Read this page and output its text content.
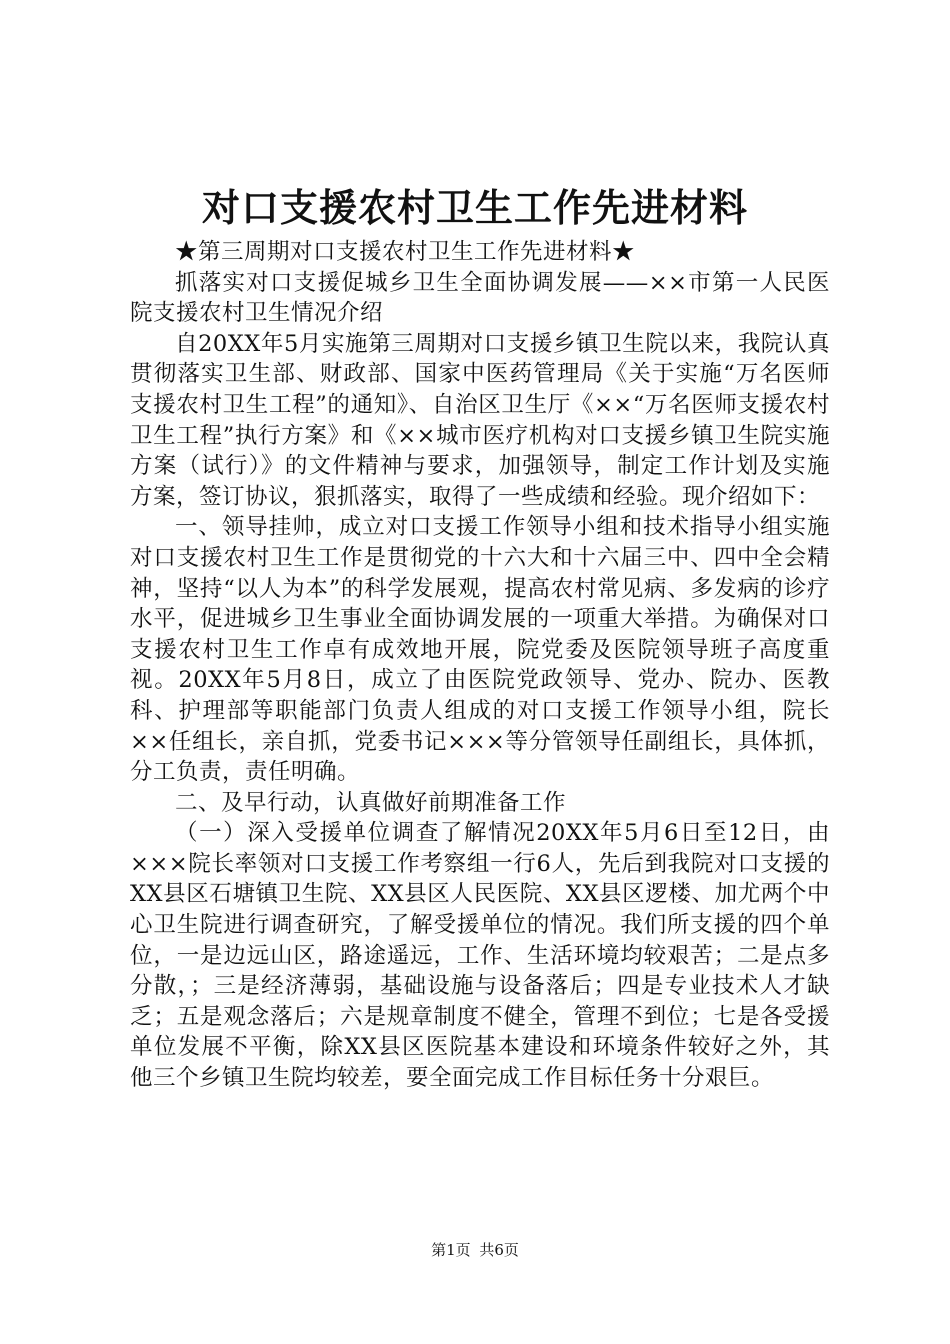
对口支援农村卫生工作先进材料

★第三周期对口支援农村卫生工作先进材料★

抓落实对口支援促城乡卫生全面协调发展——××市第一人民医院支援农村卫生情况介绍

自20XX年5月实施第三周期对口支援乡镇卫生院以来，我院认真贯彻落实卫生部、财政部、国家中医药管理局《关于实施“万名医师支援农村卫生工程”的通知》、自治区卫生厅《××“万名医师支援农村卫生工程”执行方案》和《××城市医疗机构对口支援乡镇卫生院实施方案（试行）》的文件精神与要求，加强领导，制定工作计划及实施方案，签订协议，狠抓落实，取得了一些成绩和经验。现介绍如下：

一、领导挂帅，成立对口支援工作领导小组和技术指导小组实施对口支援农村卫生工作是贯彻党的十六大和十六届三中、四中全会精神，坚持“以人为本”的科学发展观，提高农村常见病、多发病的诊疗水平，促进城乡卫生事业全面协调发展的一项重大举措。为确保对口支援农村卫生工作卓有成效地开展，院党委及医院领导班子高度重视。20XX年5月8日，成立了由医院党政领导、党办、院办、医教科、护理部等职能部门负责人组成的对口支援工作领导小组，院长××任组长，亲自抓，党委书记×××等分管领导任副组长，具体抓，分工负责，责任明确。

二、及早行动，认真做好前期准备工作

（一）深入受援单位调查了解情况20XX年5月6日至12日，由×××院长率领对口支援工作考察组一行6人，先后到我院对口支援的XX县区石塘镇卫生院、XX县区人民医院、XX县区逻楼、加尤两个中心卫生院进行调查研究，了解受援单位的情况。我们所支援的四个单位，一是边远山区，路途遥远，工作、生活环境均较艰苦；二是点多分散，；三是经济薄弱，基础设施与设备落后；四是专业技术人才缺乏；五是观念落后；六是规章制度不健全，管理不到位；七是各受援单位发展不平衡，除XX县区医院基本建设和环境条件较好之外，其他三个乡镇卫生院均较差，要全面完成工作目标任务十分艰巨。

第1页 共6页
